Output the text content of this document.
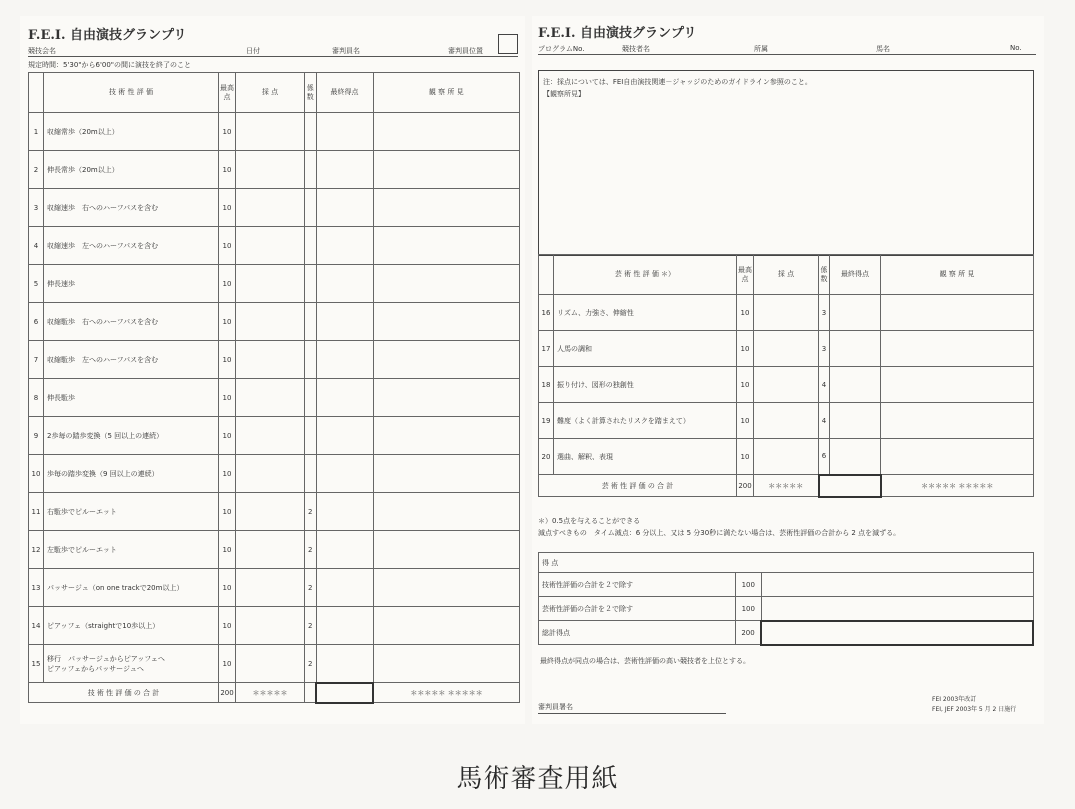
F.E.I. 自由演技グランプリ
競技会名	日付	審判員名	審判員位置
規定時間：5'30"から6'00"の間に演技を終了のこと
	技 術 性 評 価	最高点	採 点	係数	最終得点	観 察 所 見
1	収縮常歩（20m以上）	10				
2	伸長常歩（20m以上）	10				
3	収縮速歩　右へのハーフパスを含む	10				
4	収縮速歩　左へのハーフパスを含む	10				
5	伸長速歩	10				
6	収縮駈歩　右へのハーフパスを含む	10				
7	収縮駈歩　左へのハーフパスを含む	10				
8	伸長駈歩	10				
9	2歩毎の踏歩変換（5 回以上の連続）	10				
10	歩毎の踏歩変換（9 回以上の連続）	10				
11	右駈歩でピルーエット	10		2		
12	左駈歩でピルーエット	10		2		
13	パッサージュ（on one trackで20m以上）	10		2		
14	ピアッフェ（straightで10歩以上）	10		2		
15	移行　パッサージュからピアッフェへ
ピアッフェからパッサージュへ	10		2		
技 術 性 評 価 の 合 計		200	＊＊＊＊＊			＊＊＊＊＊ ＊＊＊＊＊
F.E.I. 自由演技グランプリ
プログラムNo.	競技者名	所属	馬名	No.
注：採点については、FEI自由演技関連－ジャッジのためのガイドライン参照のこと。
【観察所見】
	芸 術 性 評 価 ＊）	最高点	採 点	係数	最終得点	観 察 所 見
16	リズム、力強さ、伸縮性	10		3		
17	人馬の調和	10		3		
18	振り付け、図形の独創性	10		4		
19	難度（よく計算されたリスクを踏まえて）	10		4		
20	選曲、解釈、表現	10		6		
芸 術 性 評 価 の 合 計		200	＊＊＊＊＊			＊＊＊＊＊ ＊＊＊＊＊
＊）0.5点を与えることができる
減点すべきもの　タイム減点：6 分以上、又は 5 分30秒に満たない場合は、芸術性評価の合計から 2 点を減ずる。
得 点		
技術性評価の合計を２で除す	100	
芸術性評価の合計を２で除す	100	
総計得点	200	
最終得点が同点の場合は、芸術性評価の高い競技者を上位とする。
審判員署名
FEI 2003年改訂
FEI, JEF 2003年 5 月 2 日施行
馬術審査用紙
